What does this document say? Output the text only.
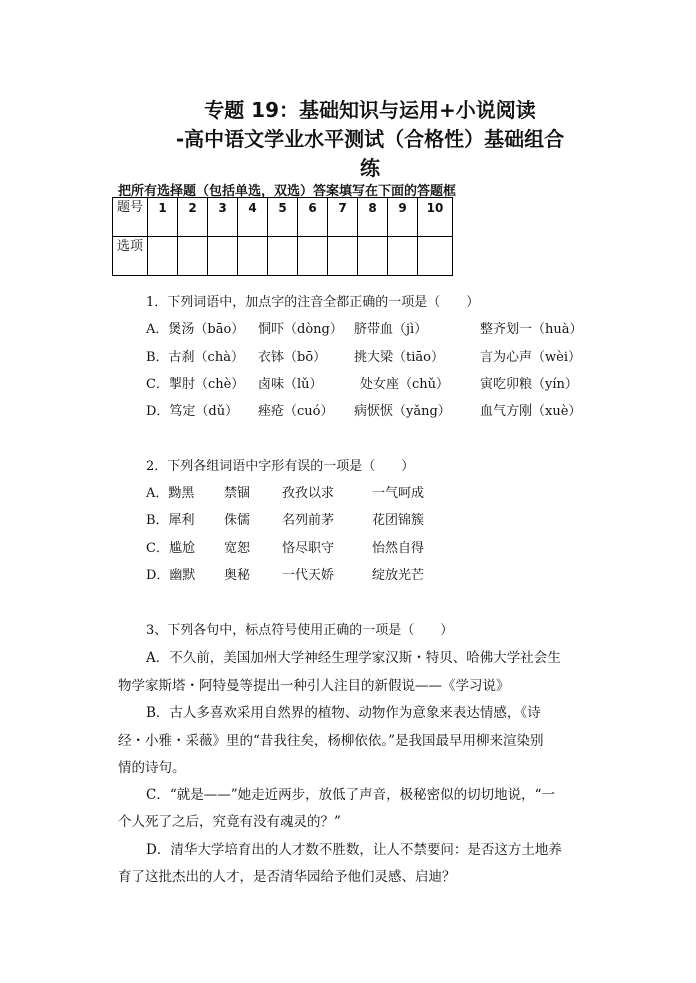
专题 19：基础知识与运用+小说阅读
-高中语文学业水平测试（合格性）基础组合
练
把所有选择题（包括单选，双选）答案填写在下面的答题框
题号	1	2	3	4	5	6	7	8	9	10
选项										
1．下列词语中，加点字的注音全都正确的一项是（　　）
A．煲汤（bāo） 恫吓（dòng） 脐带血（jì）	整齐划一（huà）
B．古刹（chà） 衣钵（bō） 挑大梁（tiāo）	言为心声（wèi）
C．掣肘（chè） 卤味（lǔ）	处女座（chǔ） 寅吃卯粮（yín）
D．笃定（dǔ） 痤疮（cuó） 病恹恹（yǎng） 血气方刚（xuè）
2．下列各组词语中字形有误的一项是（　　）
A．黝黑 禁锢 孜孜以求	一气呵成
B．犀利 侏儒 名列前茅	花团锦簇
C．尴尬 宽恕 恪尽职守	怡然自得
D．幽默 奥秘 一代天娇	绽放光芒
3、下列各句中，标点符号使用正确的一项是（　　）
A．不久前，美国加州大学神经生理学家汉斯・特贝、哈佛大学社会生
物学家斯塔・阿特曼等提出一种引人注目的新假说——《学习说》
B．古人多喜欢采用自然界的植物、动物作为意象来表达情感，《诗
经・小雅・采薇》里的“昔我往矣，杨柳依依。”是我国最早用柳来渲染别
情的诗句。
C．“就是——”她走近两步，放低了声音，极秘密似的切切地说，“一
个人死了之后，究竟有没有魂灵的？”
D．清华大学培育出的人才数不胜数，让人不禁要问：是否这方土地养
育了这批杰出的人才，是否清华园给予他们灵感、启迪？
